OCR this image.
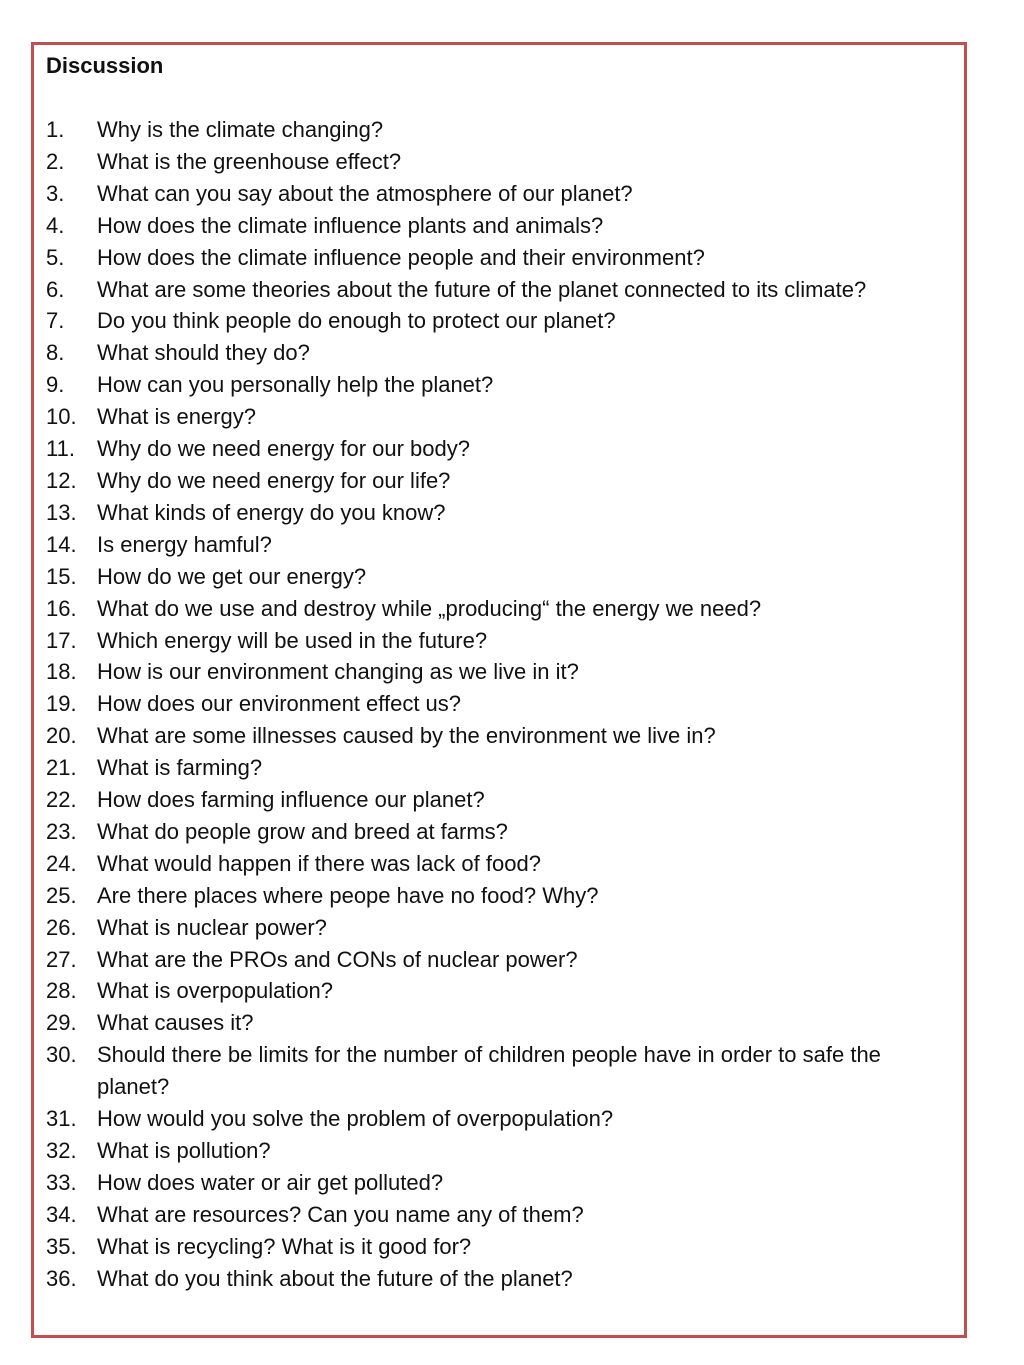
Discussion
1. Why is the climate changing?
2. What is the greenhouse effect?
3. What can you say about the atmosphere of our planet?
4. How does the climate influence plants and animals?
5. How does the climate influence people and their environment?
6. What are some theories about the future of the planet connected to its climate?
7. Do you think people do enough to protect our planet?
8. What should they do?
9. How can you personally help the planet?
10. What is energy?
11. Why do we need energy for our body?
12. Why do we need energy for our life?
13. What kinds of energy do you know?
14. Is energy hamful?
15. How do we get our energy?
16. What do we use and destroy while „producing“ the energy we need?
17. Which energy will be used in the future?
18. How is our environment changing as we live in it?
19. How does our environment effect us?
20. What are some illnesses caused by the environment we live in?
21. What is farming?
22. How does farming influence our planet?
23. What do people grow and breed at farms?
24. What would happen if there was lack of food?
25. Are there places where peope have no food? Why?
26. What is nuclear power?
27. What are the PROs and CONs of nuclear power?
28. What is overpopulation?
29. What causes it?
30. Should there be limits for the number of children people have in order to safe the planet?
31. How would you solve the problem of overpopulation?
32. What is pollution?
33. How does water or air get polluted?
34. What are resources? Can you name any of them?
35. What is recycling? What is it good for?
36. What do you think about the future of the planet?
